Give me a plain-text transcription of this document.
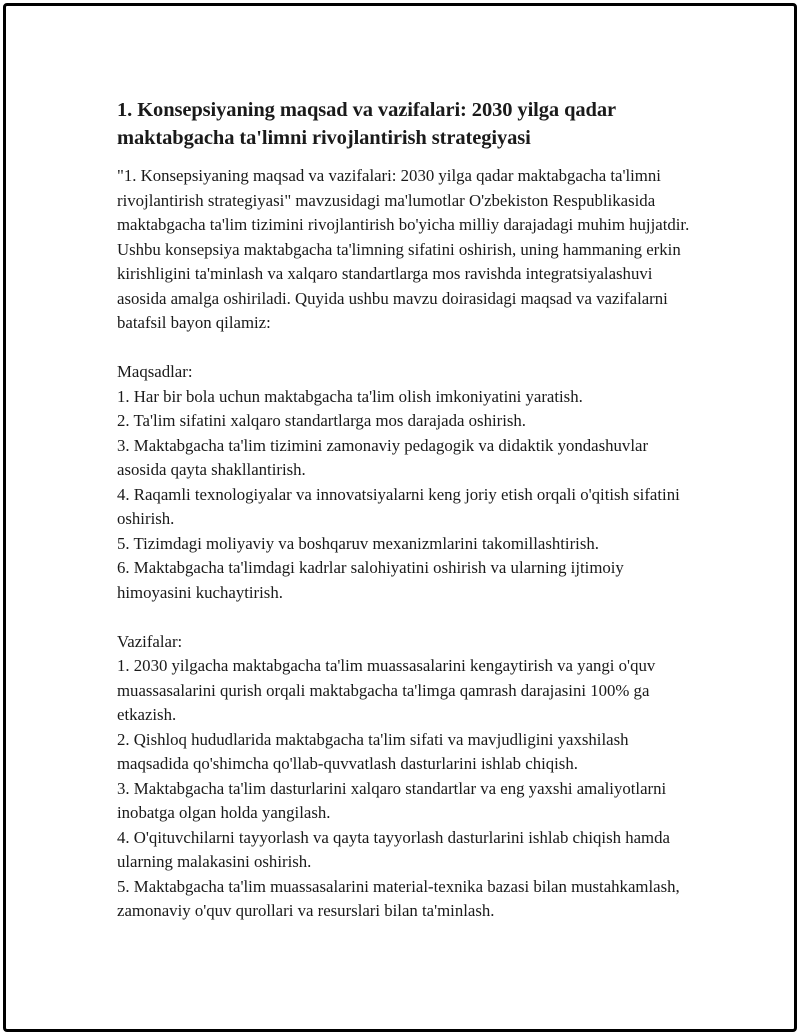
1. Konsepsiyaning maqsad va vazifalari: 2030 yilga qadar maktabgacha ta'limni rivojlantirish strategiyasi

"1. Konsepsiyaning maqsad va vazifalari: 2030 yilga qadar maktabgacha ta'limni rivojlantirish strategiyasi" mavzusidagi ma'lumotlar O'zbekiston Respublikasida maktabgacha ta'lim tizimini rivojlantirish bo'yicha milliy darajadagi muhim hujjatdir. Ushbu konsepsiya maktabgacha ta'limning sifatini oshirish, uning hammaning erkin kirishligini ta'minlash va xalqaro standartlarga mos ravishda integratsiyalashuvi asosida amalga oshiriladi. Quyida ushbu mavzu doirasidagi maqsad va vazifalarni batafsil bayon qilamiz:

Maqsadlar:
1. Har bir bola uchun maktabgacha ta'lim olish imkoniyatini yaratish.
2. Ta'lim sifatini xalqaro standartlarga mos darajada oshirish.
3. Maktabgacha ta'lim tizimini zamonaviy pedagogik va didaktik yondashuvlar asosida qayta shakllantirish.
4. Raqamli texnologiyalar va innovatsiyalarni keng joriy etish orqali o'qitish sifatini oshirish.
5. Tizimdagi moliyaviy va boshqaruv mexanizmlarini takomillashtirish.
6. Maktabgacha ta'limdagi kadrlar salohiyatini oshirish va ularning ijtimoiy himoyasini kuchaytirish.
Vazifalar:
1. 2030 yilgacha maktabgacha ta'lim muassasalarini kengaytirish va yangi o'quv muassasalarini qurish orqali maktabgacha ta'limga qamrash darajasini 100% ga etkazish.
2. Qishloq hududlarida maktabgacha ta'lim sifati va mavjudligini yaxshilash maqsadida qo'shimcha qo'llab-quvvatlash dasturlarini ishlab chiqish.
3. Maktabgacha ta'lim dasturlarini xalqaro standartlar va eng yaxshi amaliyotlarni inobatga olgan holda yangilash.
4. O'qituvchilarni tayyorlash va qayta tayyorlash dasturlarini ishlab chiqish hamda ularning malakasini oshirish.
5. Maktabgacha ta'lim muassasalarini material-texnika bazasi bilan mustahkamlash, zamonaviy o'quv qurollari va resurslari bilan ta'minlash.
